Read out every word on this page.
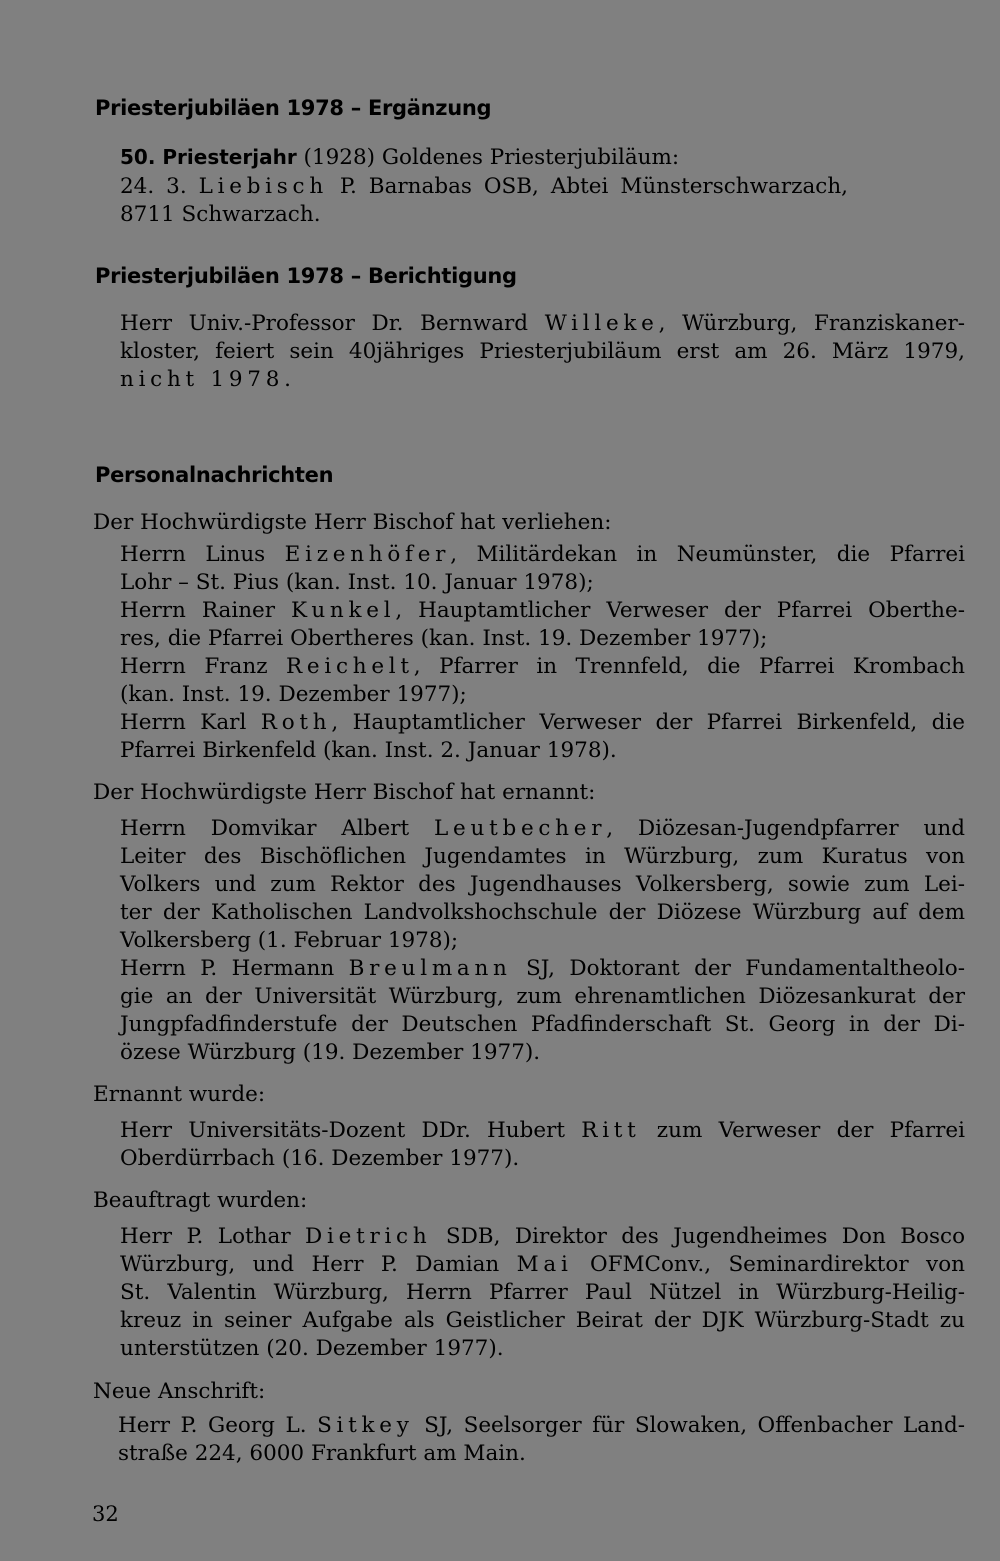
Priesterjubiläen 1978 – Ergänzung
50. Priesterjahr (1928) Goldenes Priesterjubiläum:
24. 3. Liebisch P. Barnabas OSB, Abtei Münsterschwarzach,
8711 Schwarzach.
Priesterjubiläen 1978 – Berichtigung
Herr Univ.-Professor Dr. Bernward Willeke, Würzburg, Franziskaner-
kloster, feiert sein 40jähriges Priesterjubiläum erst am 26. März 1979,
nicht 1978.
Personalnachrichten
Der Hochwürdigste Herr Bischof hat verliehen:
Herrn Linus Eizenhöfer, Militärdekan in Neumünster, die Pfarrei
Lohr – St. Pius (kan. Inst. 10. Januar 1978);
Herrn Rainer Kunkel, Hauptamtlicher Verweser der Pfarrei Oberthe-
res, die Pfarrei Obertheres (kan. Inst. 19. Dezember 1977);
Herrn Franz Reichelt, Pfarrer in Trennfeld, die Pfarrei Krombach
(kan. Inst. 19. Dezember 1977);
Herrn Karl Roth, Hauptamtlicher Verweser der Pfarrei Birkenfeld, die
Pfarrei Birkenfeld (kan. Inst. 2. Januar 1978).
Der Hochwürdigste Herr Bischof hat ernannt:
Herrn Domvikar Albert Leutbecher, Diözesan-Jugendpfarrer und
Leiter des Bischöflichen Jugendamtes in Würzburg, zum Kuratus von
Volkers und zum Rektor des Jugendhauses Volkersberg, sowie zum Lei-
ter der Katholischen Landvolkshochschule der Diözese Würzburg auf dem
Volkersberg (1. Februar 1978);
Herrn P. Hermann Breulmann SJ, Doktorant der Fundamentaltheolo-
gie an der Universität Würzburg, zum ehrenamtlichen Diözesankurat der
Jungpfadfinderstufe der Deutschen Pfadfinderschaft St. Georg in der Di-
özese Würzburg (19. Dezember 1977).
Ernannt wurde:
Herr Universitäts-Dozent DDr. Hubert Ritt zum Verweser der Pfarrei
Oberdürrbach (16. Dezember 1977).
Beauftragt wurden:
Herr P. Lothar Dietrich SDB, Direktor des Jugendheimes Don Bosco
Würzburg, und Herr P. Damian Mai OFMConv., Seminardirektor von
St. Valentin Würzburg, Herrn Pfarrer Paul Nützel in Würzburg-Heilig-
kreuz in seiner Aufgabe als Geistlicher Beirat der DJK Würzburg-Stadt zu
unterstützen (20. Dezember 1977).
Neue Anschrift:
Herr P. Georg L. Sitkey SJ, Seelsorger für Slowaken, Offenbacher Land-
straße 224, 6000 Frankfurt am Main.
32
